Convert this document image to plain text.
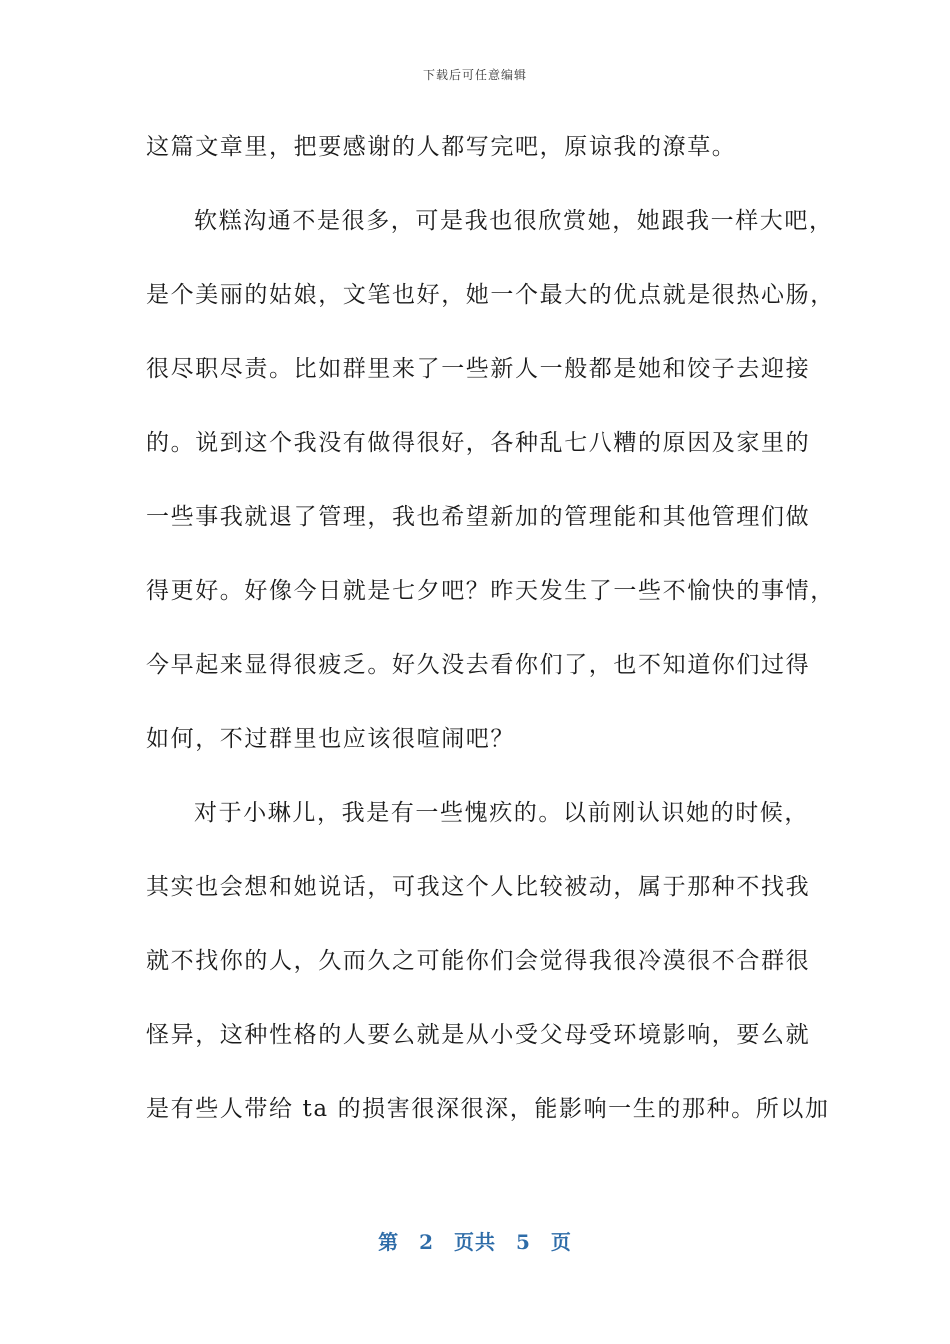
下载后可任意编辑
这篇文章里，把要感谢的人都写完吧，原谅我的潦草。
软糕沟通不是很多，可是我也很欣赏她，她跟我一样大吧，
是个美丽的姑娘，文笔也好，她一个最大的优点就是很热心肠，
很尽职尽责。比如群里来了一些新人一般都是她和饺子去迎接
的。说到这个我没有做得很好，各种乱七八糟的原因及家里的
一些事我就退了管理，我也希望新加的管理能和其他管理们做
得更好。好像今日就是七夕吧？昨天发生了一些不愉快的事情，
今早起来显得很疲乏。好久没去看你们了，也不知道你们过得
如何，不过群里也应该很喧闹吧？
对于小琳儿，我是有一些愧疚的。以前刚认识她的时候，
其实也会想和她说话，可我这个人比较被动，属于那种不找我
就不找你的人，久而久之可能你们会觉得我很冷漠很不合群很
怪异，这种性格的人要么就是从小受父母受环境影响，要么就
是有些人带给 ta 的损害很深很深，能影响一生的那种。所以加
第 2 页共 5 页
